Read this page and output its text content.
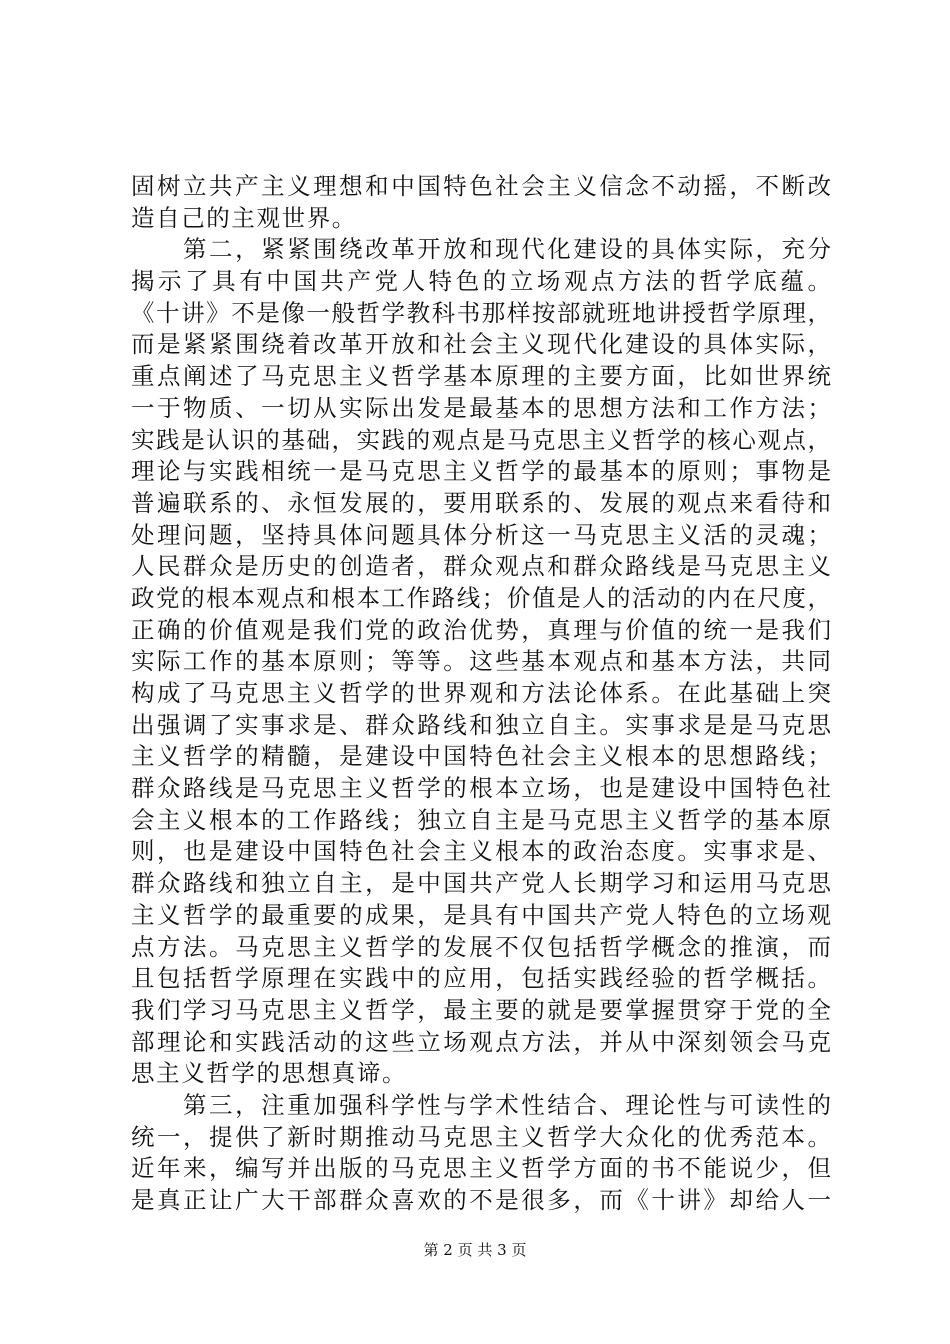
固树立共产主义理想和中国特色社会主义信念不动摇，不断改
造自己的主观世界。
　　第二，紧紧围绕改革开放和现代化建设的具体实际，充分
揭示了具有中国共产党人特色的立场观点方法的哲学底蕴。
《十讲》不是像一般哲学教科书那样按部就班地讲授哲学原理，
而是紧紧围绕着改革开放和社会主义现代化建设的具体实际，
重点阐述了马克思主义哲学基本原理的主要方面，比如世界统
一于物质、一切从实际出发是最基本的思想方法和工作方法；
实践是认识的基础，实践的观点是马克思主义哲学的核心观点，
理论与实践相统一是马克思主义哲学的最基本的原则；事物是
普遍联系的、永恒发展的，要用联系的、发展的观点来看待和
处理问题，坚持具体问题具体分析这一马克思主义活的灵魂；
人民群众是历史的创造者，群众观点和群众路线是马克思主义
政党的根本观点和根本工作路线；价值是人的活动的内在尺度，
正确的价值观是我们党的政治优势，真理与价值的统一是我们
实际工作的基本原则；等等。这些基本观点和基本方法，共同
构成了马克思主义哲学的世界观和方法论体系。在此基础上突
出强调了实事求是、群众路线和独立自主。实事求是是马克思
主义哲学的精髓，是建设中国特色社会主义根本的思想路线；
群众路线是马克思主义哲学的根本立场，也是建设中国特色社
会主义根本的工作路线；独立自主是马克思主义哲学的基本原
则，也是建设中国特色社会主义根本的政治态度。实事求是、
群众路线和独立自主，是中国共产党人长期学习和运用马克思
主义哲学的最重要的成果，是具有中国共产党人特色的立场观
点方法。马克思主义哲学的发展不仅包括哲学概念的推演，而
且包括哲学原理在实践中的应用，包括实践经验的哲学概括。
我们学习马克思主义哲学，最主要的就是要掌握贯穿于党的全
部理论和实践活动的这些立场观点方法，并从中深刻领会马克
思主义哲学的思想真谛。
　　第三，注重加强科学性与学术性结合、理论性与可读性的
统一，提供了新时期推动马克思主义哲学大众化的优秀范本。
近年来，编写并出版的马克思主义哲学方面的书不能说少，但
是真正让广大干部群众喜欢的不是很多，而《十讲》却给人一
第 2 页 共 3 页
